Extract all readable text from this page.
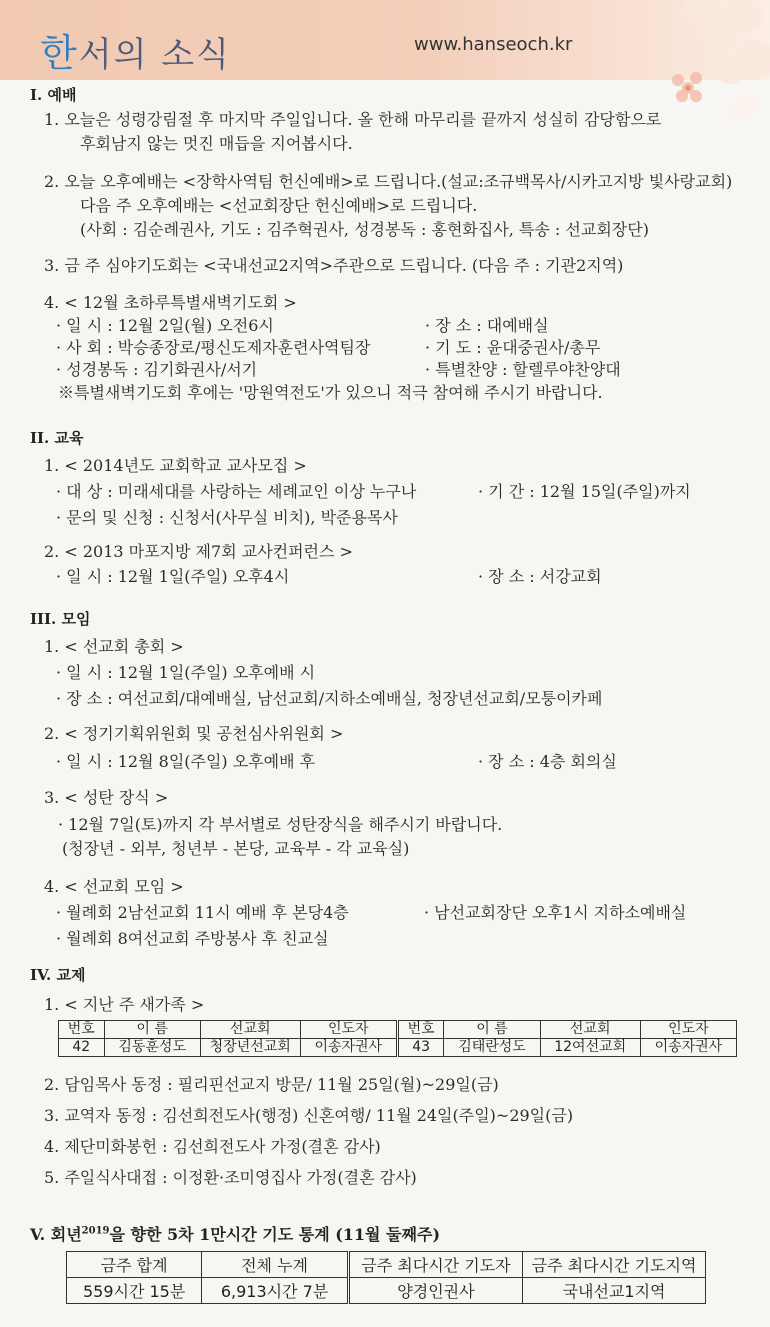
한서의 소식	www.hanseoch.kr
I. 예배
1. 오늘은 성령강림절 후 마지막 주일입니다. 올 한해 마무리를 끝까지 성실히 감당함으로
후회남지 않는 멋진 매듭을 지어봅시다.
2. 오늘 오후예배는 <장학사역팀 헌신예배>로 드립니다.(설교:조규백목사/시카고지방 빛사랑교회)
다음 주 오후예배는 <선교회장단 헌신예배>로 드립니다.
(사회 : 김순례권사, 기도 : 김주혁권사, 성경봉독 : 홍현화집사, 특송 : 선교회장단)
3. 금 주 심야기도회는 <국내선교2지역>주관으로 드립니다. (다음 주 : 기관2지역)
4. < 12월 초하루특별새벽기도회 >
· 일 시 : 12월 2일(월) 오전6시	· 장 소 : 대예배실
· 사 회 : 박승종장로/평신도제자훈련사역팀장	· 기 도 : 윤대중권사/총무
· 성경봉독 : 김기화권사/서기	· 특별찬양 : 할렐루야찬양대
※특별새벽기도회 후에는 '망원역전도'가 있으니 적극 참여해 주시기 바랍니다.
II. 교육
1. < 2014년도 교회학교 교사모집 >
· 대 상 : 미래세대를 사랑하는 세례교인 이상 누구나	· 기 간 : 12월 15일(주일)까지
· 문의 및 신청 : 신청서(사무실 비치), 박준용목사
2. < 2013 마포지방 제7회 교사컨퍼런스 >
· 일 시 : 12월 1일(주일) 오후4시	· 장 소 : 서강교회
III. 모임
1. < 선교회 총회 >
· 일 시 : 12월 1일(주일) 오후예배 시
· 장 소 : 여선교회/대예배실, 남선교회/지하소예배실, 청장년선교회/모퉁이카페
2. < 정기기획위원회 및 공천심사위원회 >
· 일 시 : 12월 8일(주일) 오후예배 후	· 장 소 : 4층 회의실
3. < 성탄 장식 >
· 12월 7일(토)까지 각 부서별로 성탄장식을 해주시기 바랍니다.
(청장년 - 외부, 청년부 - 본당, 교육부 - 각 교육실)
4. < 선교회 모임 >
· 월례회 2남선교회 11시 예배 후 본당4층	· 남선교회장단 오후1시 지하소예배실
· 월례회 8여선교회 주방봉사 후 친교실
IV. 교제
1. < 지난 주 새가족 >
번호	이 름	선교회	인도자	번호	이 름	선교회	인도자
42	김동훈성도	청장년선교회	이송자권사	43	김태란성도	12여선교회	이송자권사
2. 담임목사 동정 : 필리핀선교지 방문/ 11월 25일(월)~29일(금)
3. 교역자 동정 : 김선희전도사(행정) 신혼여행/ 11월 24일(주일)~29일(금)
4. 제단미화봉헌 : 김선희전도사 가정(결혼 감사)
5. 주일식사대접 : 이정환·조미영집사 가정(결혼 감사)
V. 회년$^{2019}$을 향한 5차 1만시간 기도 통계 (11월 둘째주)
금주 합계	전체 누계	금주 최다시간 기도자	금주 최다시간 기도지역
559시간 15분	6,913시간 7분	양경인권사	국내선교1지역
